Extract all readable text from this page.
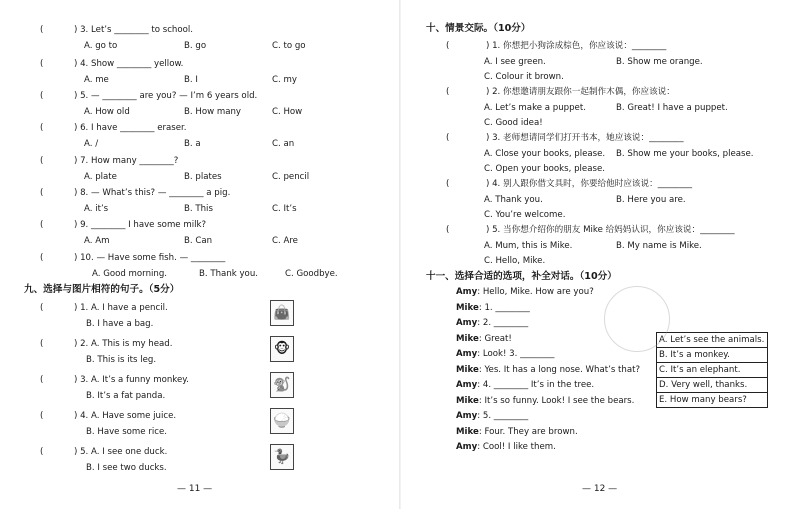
(	) 3. Let’s ________ to school.
A. go to	B. go	C. to go
(	) 4. Show ________ yellow.
A. me	B. I	C. my
(	) 5. — ________ are you? — I’m 6 years old.
A. How old	B. How many	C. How
(	) 6. I have ________ eraser.
A. /	B. a	C. an
(	) 7. How many ________?
A. plate	B. plates	C. pencil
(	) 8. — What’s this? — ________ a pig.
A. it’s	B. This	C. It’s
(	) 9. ________ I have some milk?
A. Am	B. Can	C. Are
(	) 10. — Have some fish. — ________
A. Good morning.	B. Thank you.	C. Goodbye.
九、选择与图片相符的句子。（5分）
(	) 1. A. I have a pencil.
B. I have a bag.
👜
(	) 2. A. This is my head.
B. This is its leg.
🐵
(	) 3. A. It’s a funny monkey.
B. It’s a fat panda.
🐒
(	) 4. A. Have some juice.
B. Have some rice.
🍚
(	) 5. A. I see one duck.
B. I see two ducks.
🦆
— 11 —
十、情景交际。（10分）
(	) 1. 你想把小狗涂成棕色，你应该说：________
A. I see green.	B. Show me orange.
C. Colour it brown.
(	) 2. 你想邀请朋友跟你一起制作木偶，你应该说：
A. Let’s make a puppet.	B. Great! I have a puppet.
C. Good idea!
(	) 3. 老师想请同学们打开书本，她应该说：________
A. Close your books, please. B. Show me your books, please.
C. Open your books, please.
(	) 4. 别人跟你借文具时，你要给他时应该说：________
A. Thank you.	B. Here you are.
C. You’re welcome.
(	) 5. 当你想介绍你的朋友 Mike 给妈妈认识，你应该说：________
A. Mum, this is Mike.	B. My name is Mike.
C. Hello, Mike.
十一、选择合适的选项，补全对话。（10分）
Amy: Hello, Mike. How are you?
Mike: 1. ________
Amy: 2. ________
Mike: Great!
Amy: Look! 3. ________
Mike: Yes. It has a long nose. What’s that?
Amy: 4. ________ It’s in the tree.
Mike: It’s so funny. Look! I see the bears.
Amy: 5. ________
Mike: Four. They are brown.
Amy: Cool! I like them.
A. Let’s see the animals.
B. It’s a monkey.
C. It’s an elephant.
D. Very well, thanks.
E. How many bears?
— 12 —
